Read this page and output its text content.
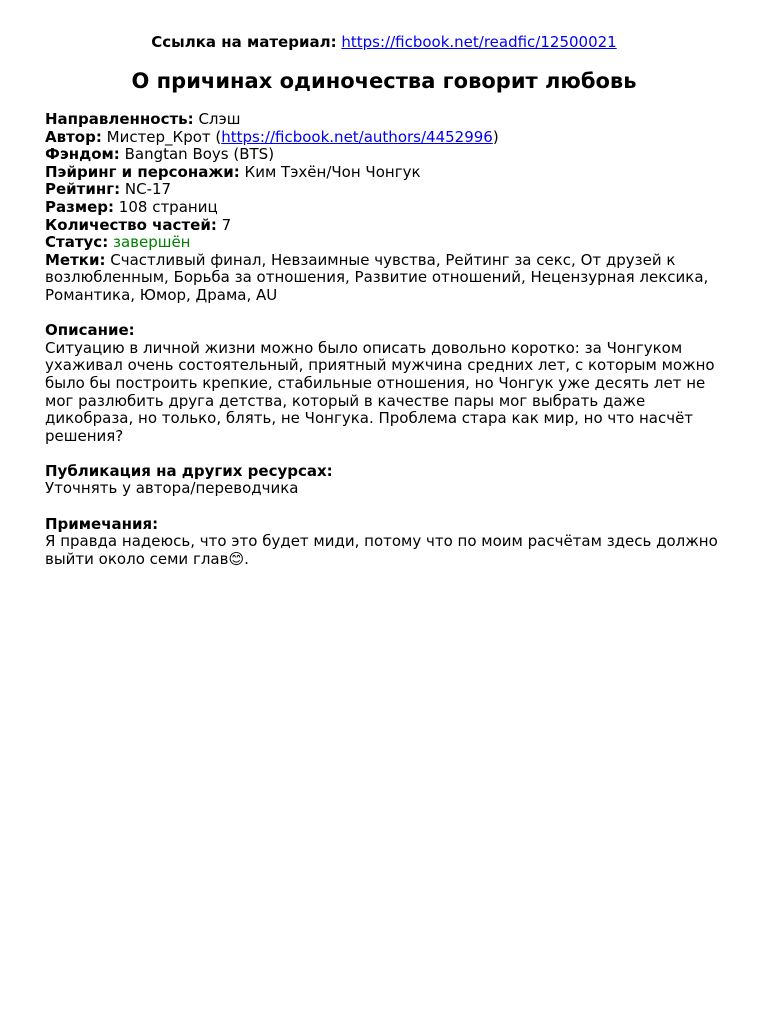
Ссылка на материал: https://ficbook.net/readfic/12500021
О причинах одиночества говорит любовь

Направленность: Слэш

Автор: Мистер_Крот (https://ficbook.net/authors/4452996)

Фэндом: Bangtan Boys (BTS)

Пэйринг и персонажи: Ким Тэхён/Чон Чонгук

Рейтинг: NC-17

Размер: 108 страниц

Количество частей: 7

Статус: завершён

Метки: Счастливый финал, Невзаимные чувства, Рейтинг за секс, От друзей к возлюбленным, Борьба за отношения, Развитие отношений, Нецензурная лексика, Романтика, Юмор, Драма, AU

Описание:

Ситуацию в личной жизни можно было описать довольно коротко: за Чонгуком ухаживал очень состоятельный, приятный мужчина средних лет, с которым можно было бы построить крепкие, стабильные отношения, но Чонгук уже десять лет не мог разлюбить друга детства, который в качестве пары мог выбрать даже дикобраза, но только, блять, не Чонгука. Проблема стара как мир, но что насчёт решения?

Публикация на других ресурсах:

Уточнять у автора/переводчика

Примечания:

Я правда надеюсь, что это будет миди, потому что по моим расчётам здесь должно выйти около семи глав😊.
